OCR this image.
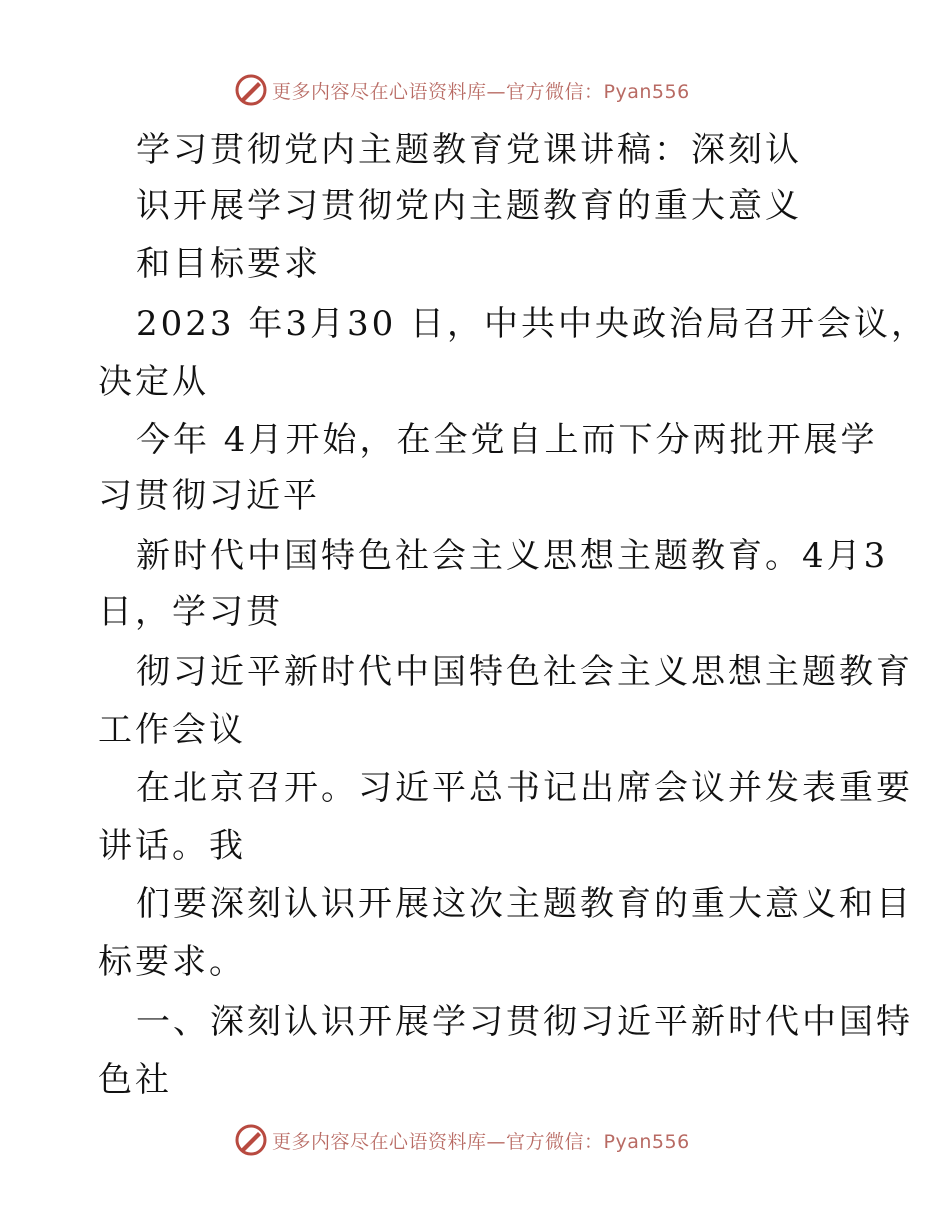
更多内容尽在心语资料库—官方微信：Pyan556
学习贯彻党内主题教育党课讲稿：深刻认
识开展学习贯彻党内主题教育的重大意义
和目标要求
2023 年3月30 日，中共中央政治局召开会议，
决定从
今年 4月开始，在全党自上而下分两批开展学
习贯彻习近平
新时代中国特色社会主义思想主题教育。4月3
日，学习贯
彻习近平新时代中国特色社会主义思想主题教育
工作会议
在北京召开。习近平总书记出席会议并发表重要
讲话。我
们要深刻认识开展这次主题教育的重大意义和目
标要求。
一、深刻认识开展学习贯彻习近平新时代中国特
色社
更多内容尽在心语资料库—官方微信：Pyan556
